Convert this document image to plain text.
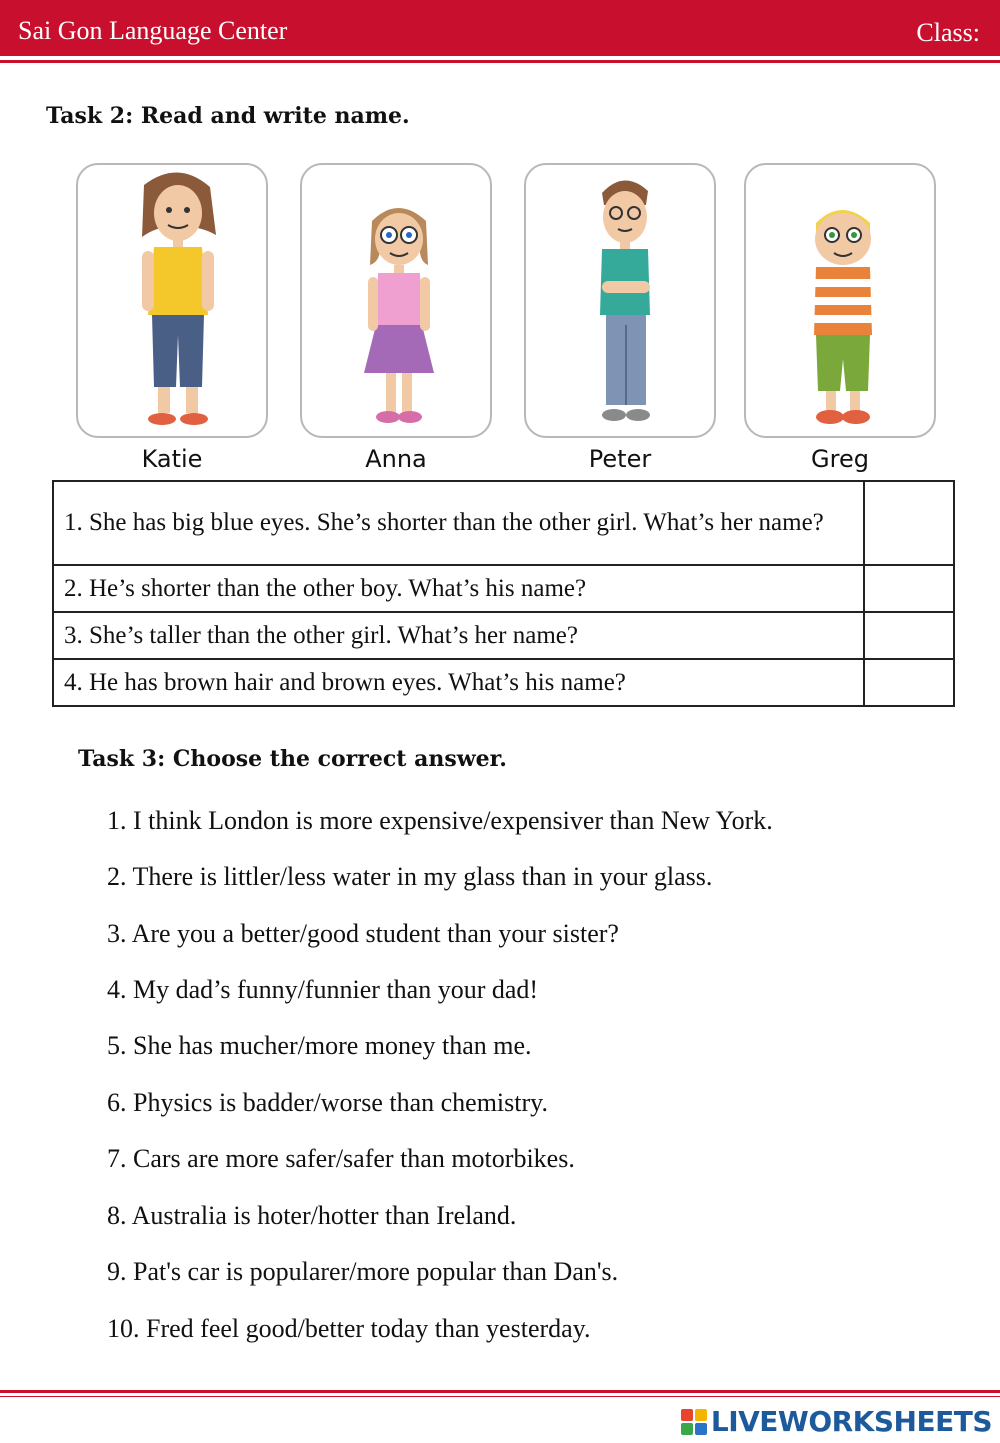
Sai Gon Language Center	Class:
Task 2: Read and write name.
Katie	Anna	Peter	Greg
1. She has big blue eyes. She’s shorter than the other girl. What’s her name?	
2. He’s shorter than the other boy. What’s his name?	
3. She’s taller than the other girl. What’s her name?	
4. He has brown hair and brown eyes. What’s his name?	
Task 3: Choose the correct answer.
1. I think London is more expensive/expensiver than New York.
2. There is littler/less water in my glass than in your glass.
3. Are you a better/good student than your sister?
4. My dad’s funny/funnier than your dad!
5. She has mucher/more money than me.
6. Physics is badder/worse than chemistry.
7. Cars are more safer/safer than motorbikes.
8. Australia is hoter/hotter than Ireland.
9. Pat's car is popularer/more popular than Dan's.
10. Fred feel good/better today than yesterday.
LIVEWORKSHEETS
